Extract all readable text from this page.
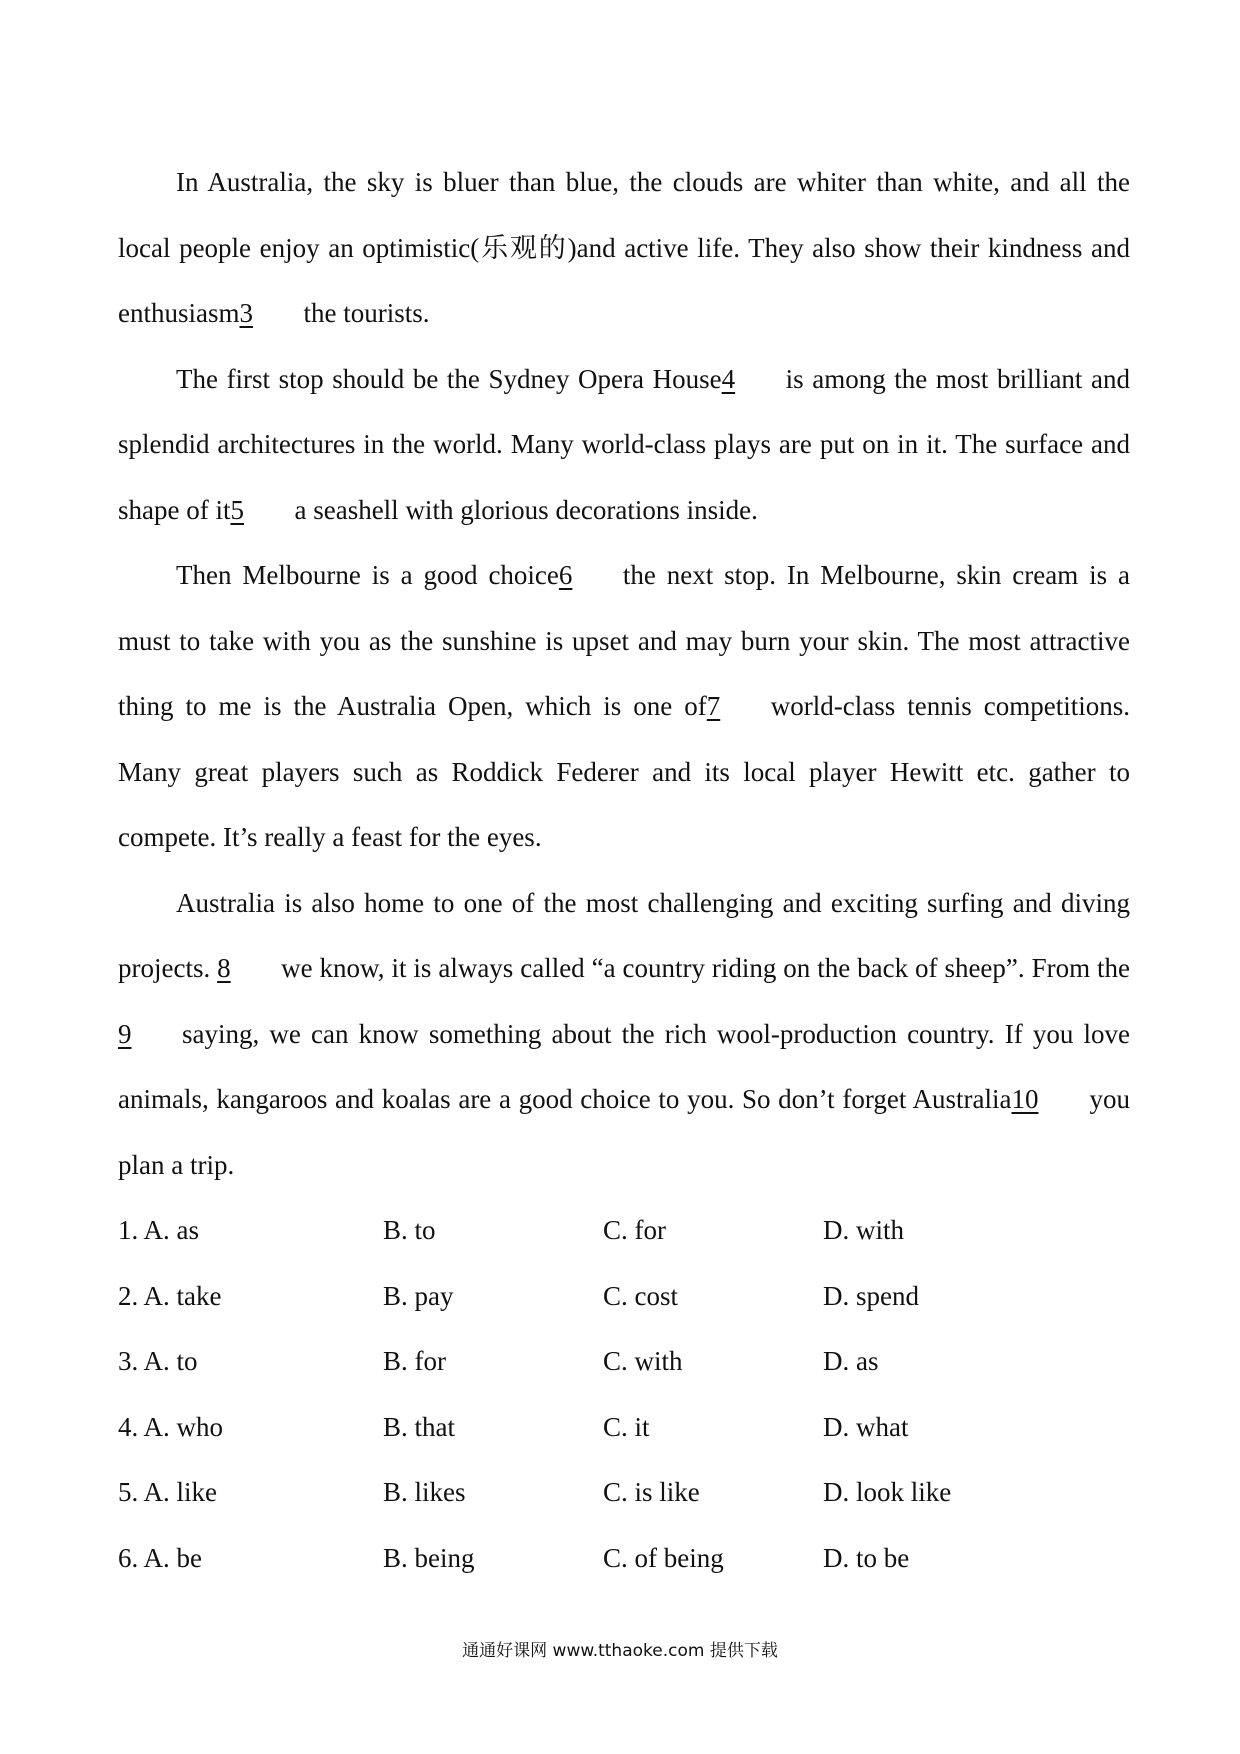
In Australia, the sky is bluer than blue, the clouds are whiter than white, and all the local people enjoy an optimistic(乐观的)and active life. They also show their kindness and enthusiasm3 the tourists.

The first stop should be the Sydney Opera House4 is among the most brilliant and splendid architectures in the world. Many world-class plays are put on in it. The surface and shape of it5 a seashell with glorious decorations inside.

Then Melbourne is a good choice6 the next stop. In Melbourne, skin cream is a must to take with you as the sunshine is upset and may burn your skin. The most attractive thing to me is the Australia Open, which is one of7 world-class tennis competitions. Many great players such as Roddick Federer and its local player Hewitt etc. gather to compete. It’s really a feast for the eyes.

Australia is also home to one of the most challenging and exciting surfing and diving projects. 8 we know, it is always called “a country riding on the back of sheep”. From the 9 saying, we can know something about the rich wool-production country. If you love animals, kangaroos and koalas are a good choice to you. So don’t forget Australia10 you plan a trip.

1. A. as	B. to	C. for	D. with
2. A. take	B. pay	C. cost	D. spend
3. A. to	B. for	C. with	D. as
4. A. who	B. that	C. it	D. what
5. A. like	B. likes	C. is like	D. look like
6. A. be	B. being	C. of being	D. to be
通通好课网 www.tthaoke.com 提供下载
